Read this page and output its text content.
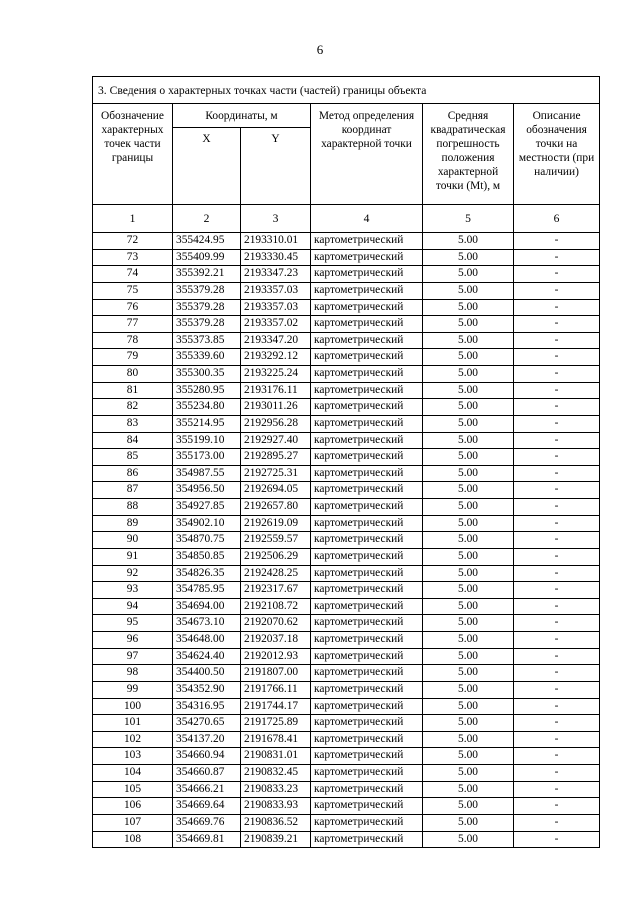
6
3. Сведения о характерных точках части (частей) границы объекта					
Обозначение характерных точек части границы	Координаты, м		Метод определения координат характерной точки	Средняя квадратическая погрешность положения характерной точки (Mt), м	Описание обозначения точки на местности (при наличии)
	X	Y			
1	2	3	4	5	6
72	355424.95	2193310.01	картометрический	5.00	-
73	355409.99	2193330.45	картометрический	5.00	-
74	355392.21	2193347.23	картометрический	5.00	-
75	355379.28	2193357.03	картометрический	5.00	-
76	355379.28	2193357.03	картометрический	5.00	-
77	355379.28	2193357.02	картометрический	5.00	-
78	355373.85	2193347.20	картометрический	5.00	-
79	355339.60	2193292.12	картометрический	5.00	-
80	355300.35	2193225.24	картометрический	5.00	-
81	355280.95	2193176.11	картометрический	5.00	-
82	355234.80	2193011.26	картометрический	5.00	-
83	355214.95	2192956.28	картометрический	5.00	-
84	355199.10	2192927.40	картометрический	5.00	-
85	355173.00	2192895.27	картометрический	5.00	-
86	354987.55	2192725.31	картометрический	5.00	-
87	354956.50	2192694.05	картометрический	5.00	-
88	354927.85	2192657.80	картометрический	5.00	-
89	354902.10	2192619.09	картометрический	5.00	-
90	354870.75	2192559.57	картометрический	5.00	-
91	354850.85	2192506.29	картометрический	5.00	-
92	354826.35	2192428.25	картометрический	5.00	-
93	354785.95	2192317.67	картометрический	5.00	-
94	354694.00	2192108.72	картометрический	5.00	-
95	354673.10	2192070.62	картометрический	5.00	-
96	354648.00	2192037.18	картометрический	5.00	-
97	354624.40	2192012.93	картометрический	5.00	-
98	354400.50	2191807.00	картометрический	5.00	-
99	354352.90	2191766.11	картометрический	5.00	-
100	354316.95	2191744.17	картометрический	5.00	-
101	354270.65	2191725.89	картометрический	5.00	-
102	354137.20	2191678.41	картометрический	5.00	-
103	354660.94	2190831.01	картометрический	5.00	-
104	354660.87	2190832.45	картометрический	5.00	-
105	354666.21	2190833.23	картометрический	5.00	-
106	354669.64	2190833.93	картометрический	5.00	-
107	354669.76	2190836.52	картометрический	5.00	-
108	354669.81	2190839.21	картометрический	5.00	-
